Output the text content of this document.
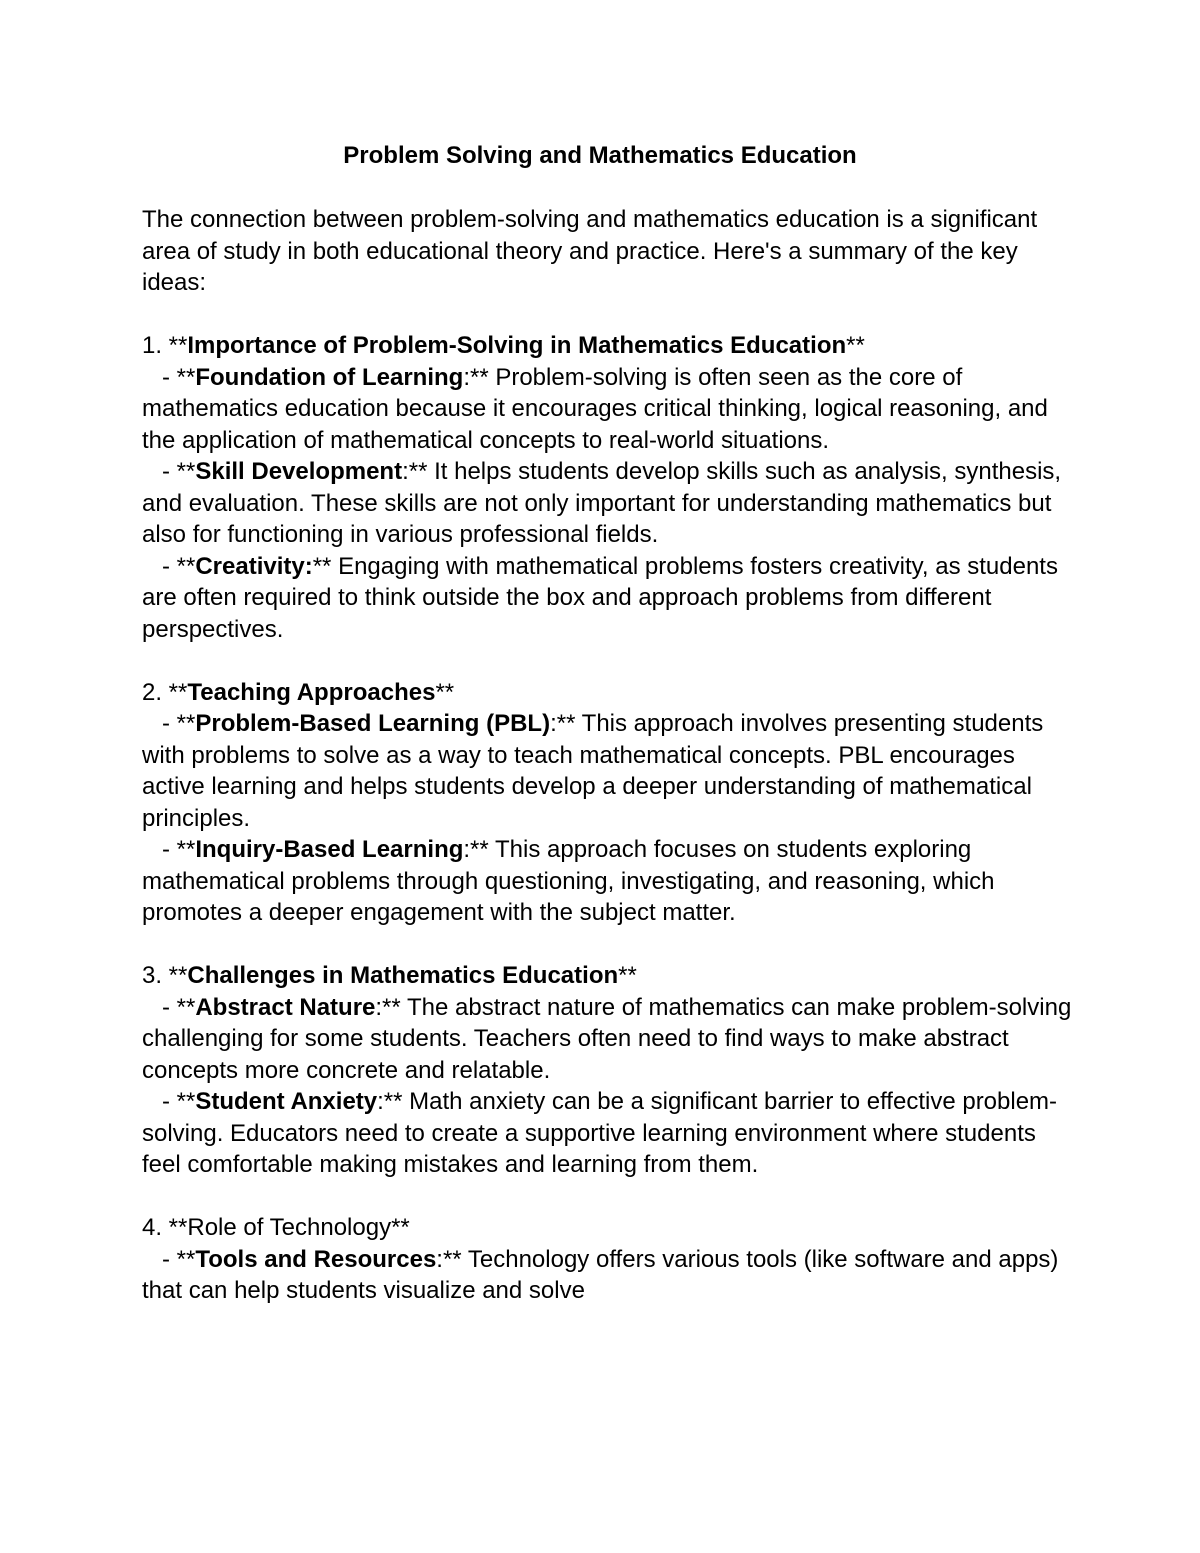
Problem Solving and Mathematics Education

The connection between problem-solving and mathematics education is a significant area of study in both educational theory and practice. Here's a summary of the key ideas:

1. **Importance of Problem-Solving in Mathematics Education**

- **Foundation of Learning:** Problem-solving is often seen as the core of mathematics education because it encourages critical thinking, logical reasoning, and the application of mathematical concepts to real-world situations.

- **Skill Development:** It helps students develop skills such as analysis, synthesis, and evaluation. These skills are not only important for understanding mathematics but also for functioning in various professional fields.

- **Creativity:** Engaging with mathematical problems fosters creativity, as students are often required to think outside the box and approach problems from different perspectives.

2. **Teaching Approaches**

- **Problem-Based Learning (PBL):** This approach involves presenting students with problems to solve as a way to teach mathematical concepts. PBL encourages active learning and helps students develop a deeper understanding of mathematical principles.

- **Inquiry-Based Learning:** This approach focuses on students exploring mathematical problems through questioning, investigating, and reasoning, which promotes a deeper engagement with the subject matter.

3. **Challenges in Mathematics Education**

- **Abstract Nature:** The abstract nature of mathematics can make problem-solving challenging for some students. Teachers often need to find ways to make abstract concepts more concrete and relatable.

- **Student Anxiety:** Math anxiety can be a significant barrier to effective problem-solving. Educators need to create a supportive learning environment where students feel comfortable making mistakes and learning from them.

4. **Role of Technology**

- **Tools and Resources:** Technology offers various tools (like software and apps) that can help students visualize and solve
